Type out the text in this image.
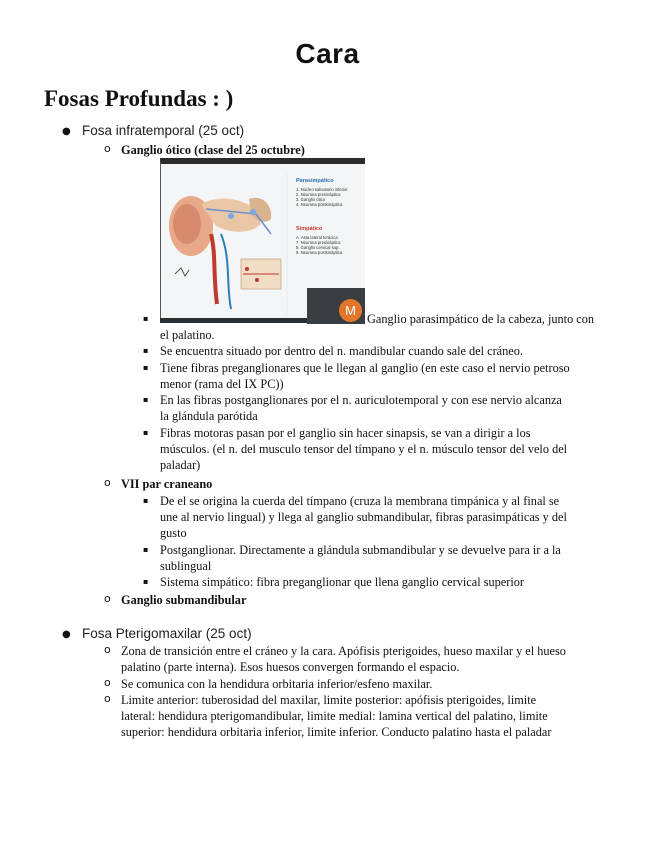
Cara
Fosas Profundas : )
● Fosa infratemporal (25 oct)
o Ganglio ótico (clase del 25 octubre)
Parasimpático
1. Núcleo salivatorio inferior
2. Neurona presináptica
3. Ganglio ótico
4. Neurona postsináptica
Simpático
A. Asta lateral torácica
7. Neurona presináptica
8. Ganglio cervical sup.
9. Neurona postsináptica
M
▪	Ganglio parasimpático de la cabeza, junto con
el palatino.
▪ Se encuentra situado por dentro del n. mandibular cuando sale del cráneo.
▪ Tiene fibras preganglionares que le llegan al ganglio (en este caso el nervio petroso
menor (rama del IX PC))
▪ En las fibras postganglionares por el n. auriculotemporal y con ese nervio alcanza
la glándula parótida
▪ Fibras motoras pasan por el ganglio sin hacer sinapsis, se van a dirigir a los
músculos. (el n. del musculo tensor del tímpano y el n. músculo tensor del velo del
paladar)
o VII par craneano
▪ De el se origina la cuerda del tímpano (cruza la membrana timpánica y al final se
une al nervio lingual) y llega al ganglio submandibular, fibras parasimpáticas y del
gusto
▪ Postganglionar. Directamente a glándula submandibular y se devuelve para ir a la
sublingual
▪ Sistema simpático: fibra preganglionar que llena ganglio cervical superior
o Ganglio submandibular
● Fosa Pterigomaxilar (25 oct)
o Zona de transición entre el cráneo y la cara. Apófisis pterigoides, hueso maxilar y el hueso
palatino (parte interna). Esos huesos convergen formando el espacio.
o Se comunica con la hendidura orbitaria inferior/esfeno maxilar.
o Limite anterior: tuberosidad del maxilar, limite posterior: apófisis pterigoides, limite
lateral: hendidura pterigomandibular, limite medial: lamina vertical del palatino, limite
superior: hendidura orbitaria inferior, limite inferior. Conducto palatino hasta el paladar
